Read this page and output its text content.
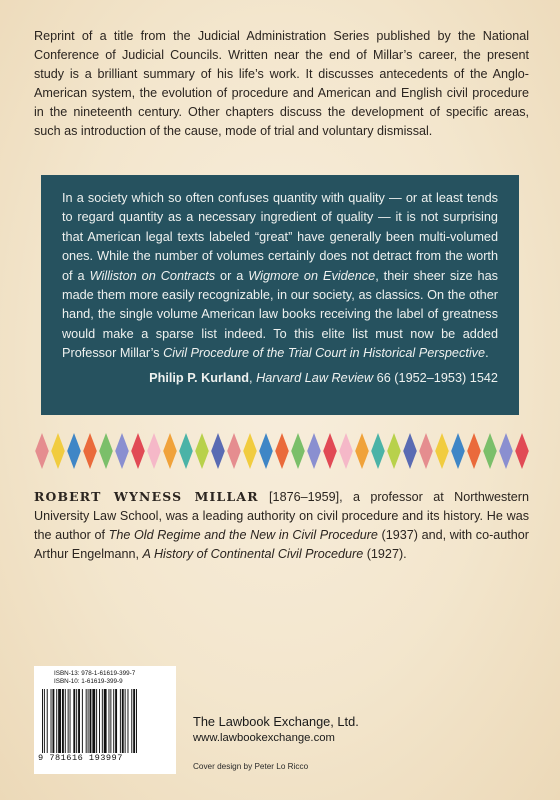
Reprint of a title from the Judicial Administration Series published by the National Conference of Judicial Councils. Written near the end of Millar’s career, the present study is a brilliant summary of his life’s work. It discusses antecedents of the Anglo-American system, the evolution of procedure and American and English civil procedure in the nineteenth century. Other chapters discuss the development of specific areas, such as introduction of the cause, mode of trial and voluntary dismissal.

In a society which so often confuses quantity with quality — or at least tends to regard quantity as a necessary ingredient of quality — it is not surprising that American legal texts labeled “great” have generally been multi-volumed ones. While the number of volumes certainly does not detract from the worth of a Williston on Contracts or a Wigmore on Evidence, their sheer size has made them more easily recognizable, in our society, as classics. On the other hand, the single volume American law books receiving the label of greatness would make a sparse list indeed. To this elite list must now be added Professor Millar’s Civil Procedure of the Trial Court in Historical Perspective.

Philip P. Kurland, Harvard Law Review 66 (1952–1953) 1542

ROBERT WYNESS MILLAR [1876–1959], a professor at Northwestern University Law School, was a leading authority on civil procedure and its history. He was the author of The Old Regime and the New in Civil Procedure (1937) and, with co-author Arthur Engelmann, A History of Continental Civil Procedure (1927).

ISBN-13: 978-1-61619-399-7
ISBN-10: 1-61619-399-9
9 781616 193997
The Lawbook Exchange, Ltd.
www.lawbookexchange.com
Cover design by Peter Lo Ricco
